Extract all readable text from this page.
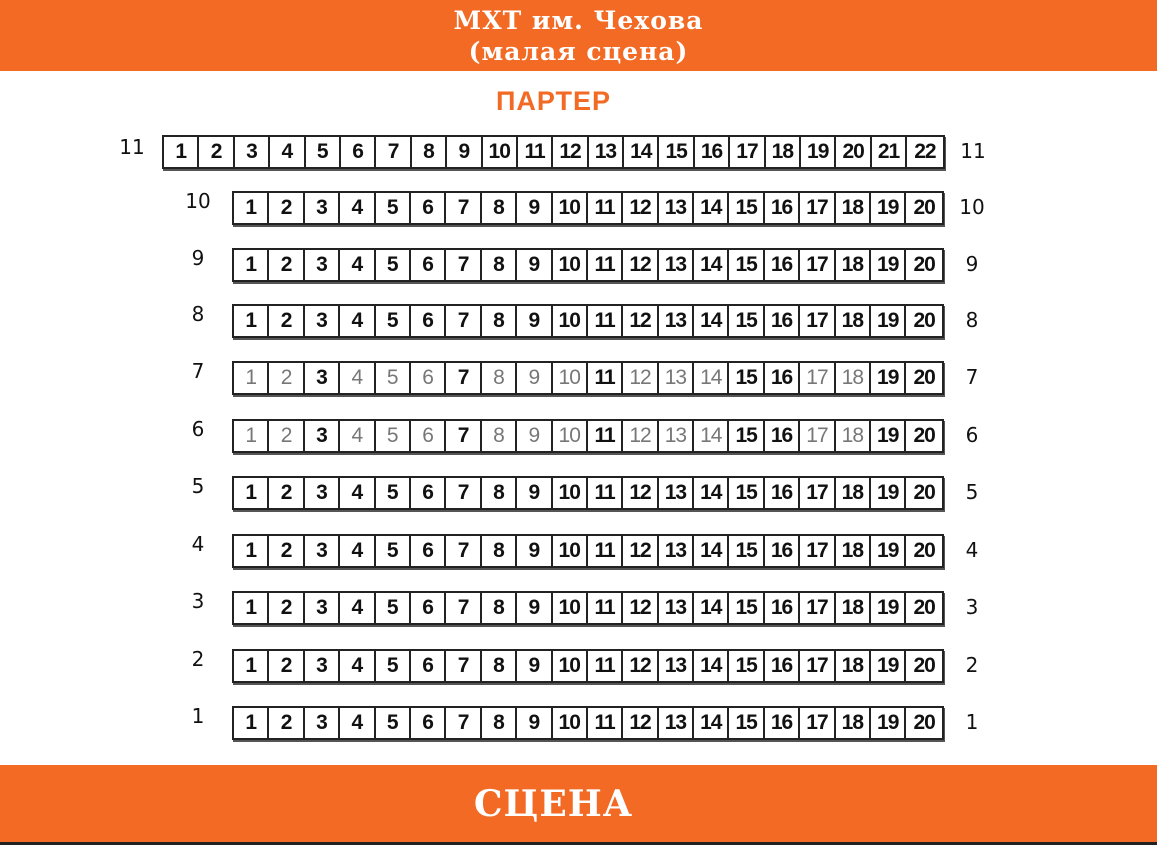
МХТ им. Чехова
(малая сцена)
ПАРТЕР
11	1	2	3	4	5	6	7	8	9 10 11 12 13 14 15 16 17 18 19 20 21 22	11
10	1	2	3	4	5	6	7	8	9 10 11 12 13 14 15 16 17 18 19 20	10
9	1	2	3	4	5	6	7	8	9 10 11 12 13 14 15 16 17 18 19 20	9
8	1	2	3	4	5	6	7	8	9 10 11 12 13 14 15 16 17 18 19 20	8
7	1	2	3	4	5	6	7	8	9 10 11 12 13 14 15 16 17 18 19 20	7
6	1	2	3	4	5	6	7	8	9 10 11 12 13 14 15 16 17 18 19 20	6
5	1	2	3	4	5	6	7	8	9 10 11 12 13 14 15 16 17 18 19 20	5
4	1	2	3	4	5	6	7	8	9 10 11 12 13 14 15 16 17 18 19 20	4
3	1	2	3	4	5	6	7	8	9 10 11 12 13 14 15 16 17 18 19 20	3
2	1	2	3	4	5	6	7	8	9 10 11 12 13 14 15 16 17 18 19 20	2
1	1	2	3	4	5	6	7	8	9 10 11 12 13 14 15 16 17 18 19 20	1
СЦЕНА
